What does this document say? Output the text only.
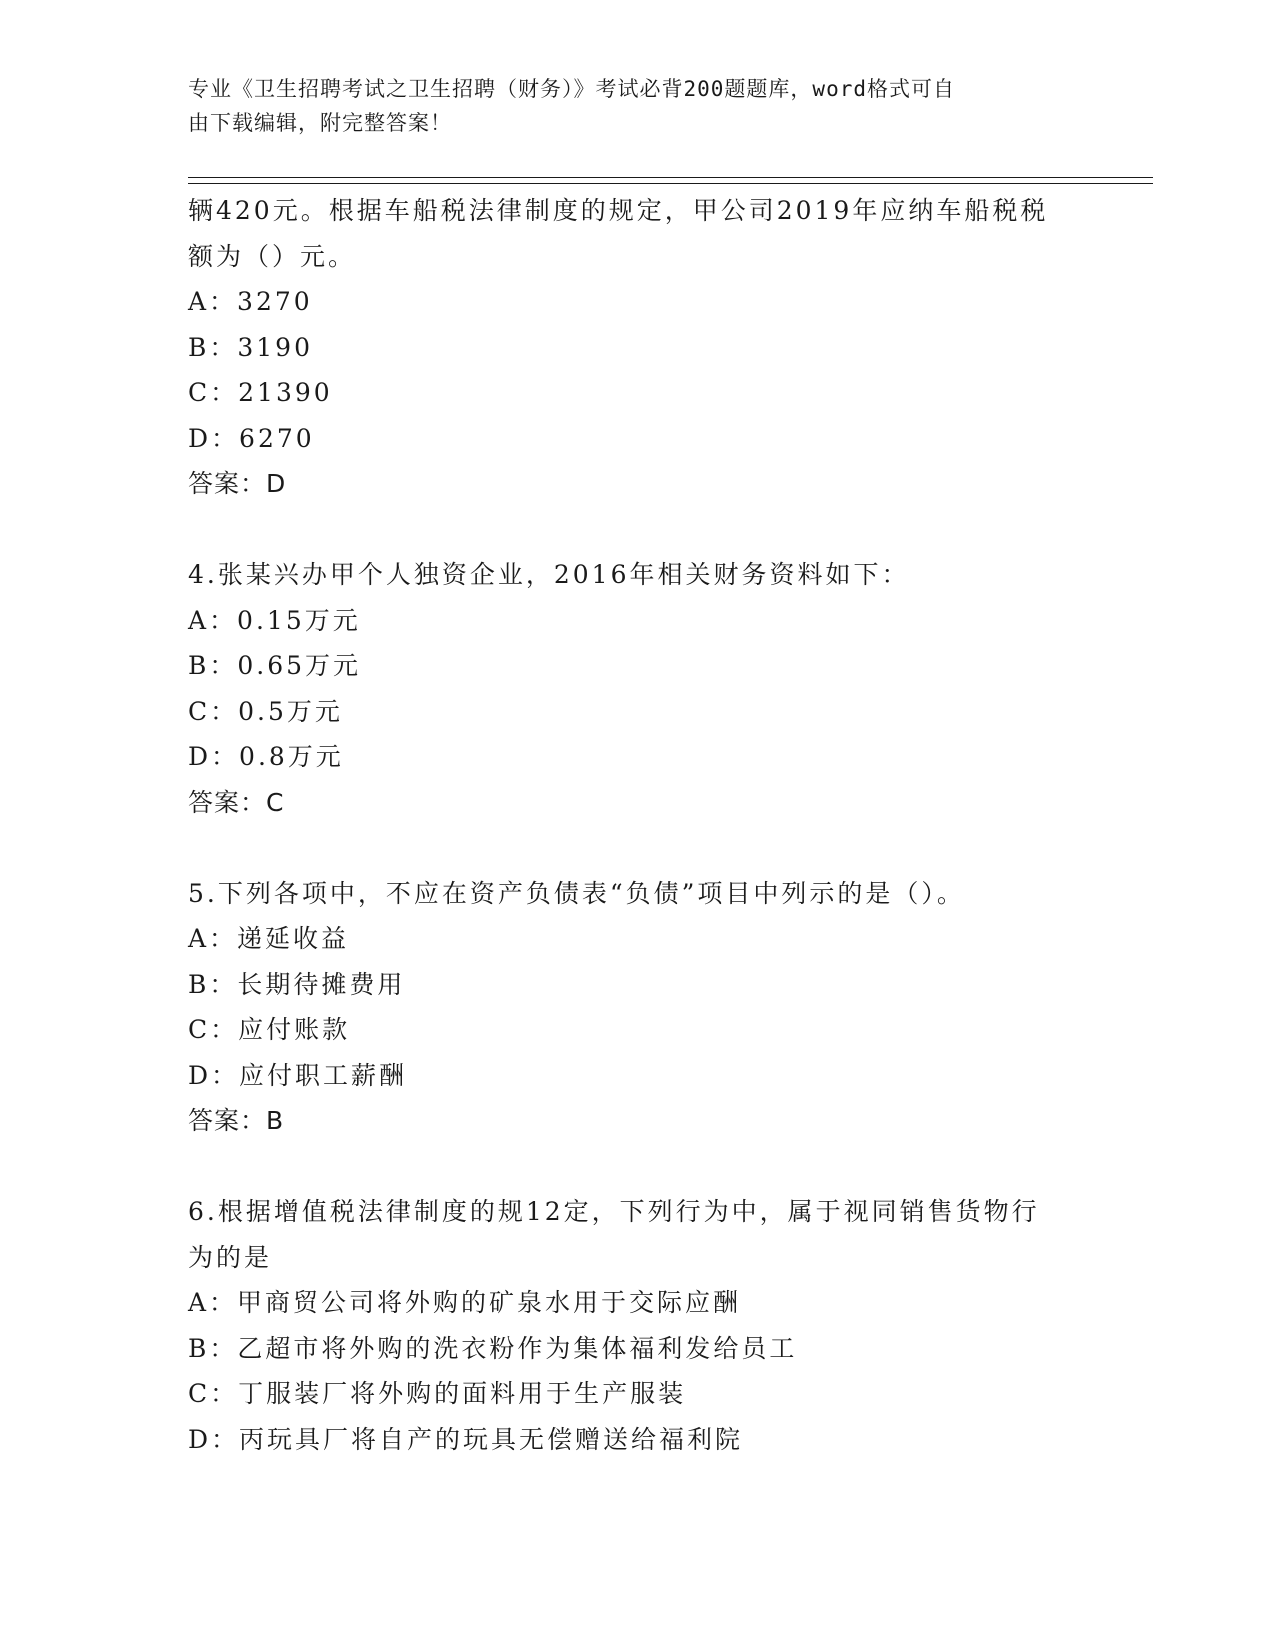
专业《卫生招聘考试之卫生招聘（财务）》考试必背200题题库，word格式可自
由下载编辑，附完整答案！
辆420元。根据车船税法律制度的规定，甲公司2019年应纳车船税税
额为（）元。
A：3270
B：3190
C：21390
D：6270
答案：D
4.张某兴办甲个人独资企业，2016年相关财务资料如下：
A：0.15万元
B：0.65万元
C：0.5万元
D：0.8万元
答案：C
5.下列各项中，不应在资产负债表“负债”项目中列示的是（）。
A：递延收益
B：长期待摊费用
C：应付账款
D：应付职工薪酬
答案：B
6.根据增值税法律制度的规12定，下列行为中，属于视同销售货物行
为的是
A：甲商贸公司将外购的矿泉水用于交际应酬
B：乙超市将外购的洗衣粉作为集体福利发给员工
C：丁服装厂将外购的面料用于生产服装
D：丙玩具厂将自产的玩具无偿赠送给福利院
